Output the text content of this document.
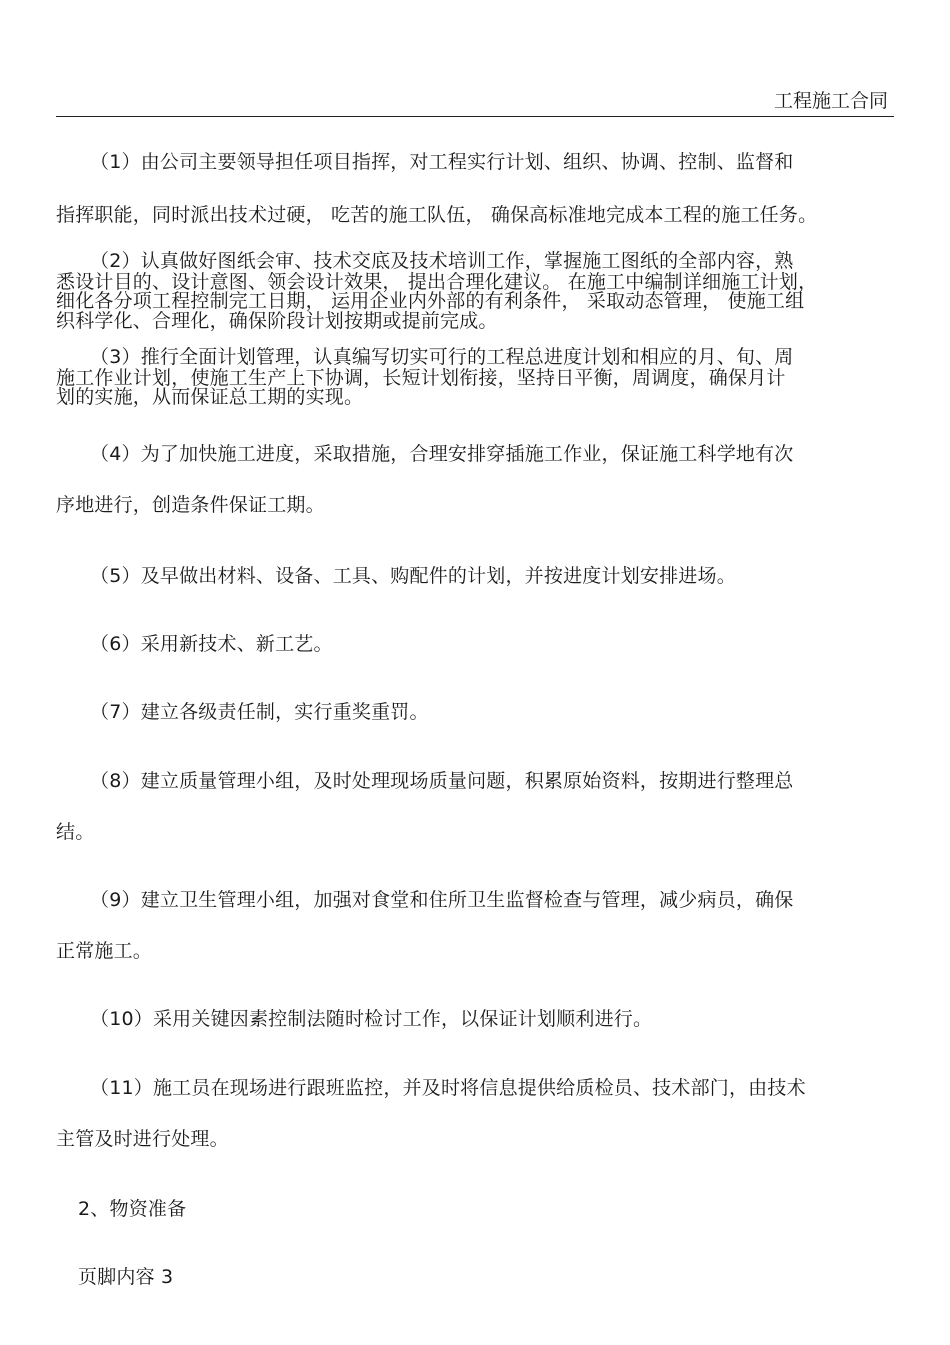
工程施工合同
（1）由公司主要领导担任项目指挥，对工程实行计划、组织、协调、控制、监督和
指挥职能，同时派出技术过硬， 吃苦的施工队伍， 确保高标准地完成本工程的施工任务。
（2）认真做好图纸会审、技术交底及技术培训工作，掌握施工图纸的全部内容，熟
悉设计目的、设计意图、领会设计效果， 提出合理化建议。 在施工中编制详细施工计划，
细化各分项工程控制完工日期， 运用企业内外部的有利条件， 采取动态管理， 使施工组
织科学化、合理化，确保阶段计划按期或提前完成。
（3）推行全面计划管理，认真编写切实可行的工程总进度计划和相应的月、旬、周
施工作业计划，使施工生产上下协调，长短计划衔接，坚持日平衡，周调度，确保月计
划的实施，从而保证总工期的实现。
（4）为了加快施工进度，采取措施，合理安排穿插施工作业，保证施工科学地有次
序地进行，创造条件保证工期。
（5）及早做出材料、设备、工具、购配件的计划，并按进度计划安排进场。
（6）采用新技术、新工艺。
（7）建立各级责任制，实行重奖重罚。
（8）建立质量管理小组，及时处理现场质量问题，积累原始资料，按期进行整理总
结。
（9）建立卫生管理小组，加强对食堂和住所卫生监督检查与管理，减少病员，确保
正常施工。
（10）采用关键因素控制法随时检讨工作，以保证计划顺利进行。
（11）施工员在现场进行跟班监控，并及时将信息提供给质检员、技术部门，由技术
主管及时进行处理。
2、物资准备
页脚内容 3
